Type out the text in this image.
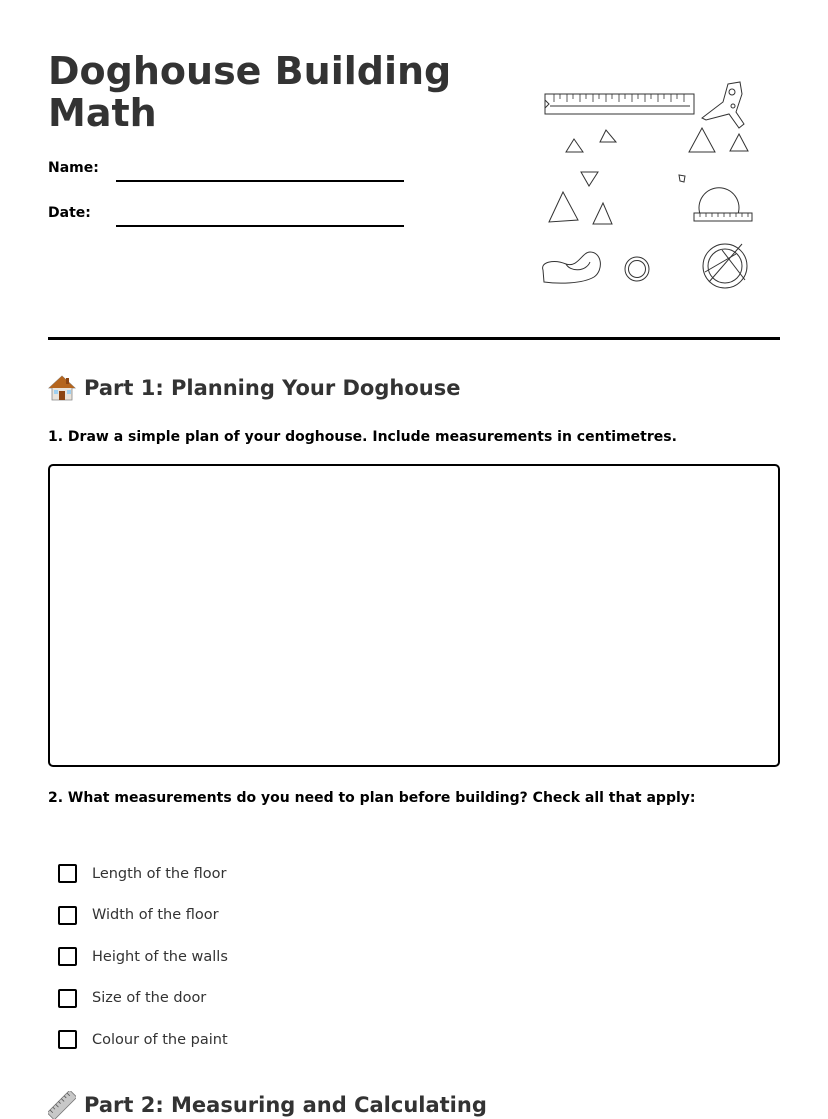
Doghouse Building Math
Name:
Date:
Part 1: Planning Your Doghouse
1. Draw a simple plan of your doghouse. Include measurements in centimetres.
2. What measurements do you need to plan before building? Check all that apply:
Length of the floor
Width of the floor
Height of the walls
Size of the door
Colour of the paint
Part 2: Measuring and Calculating
